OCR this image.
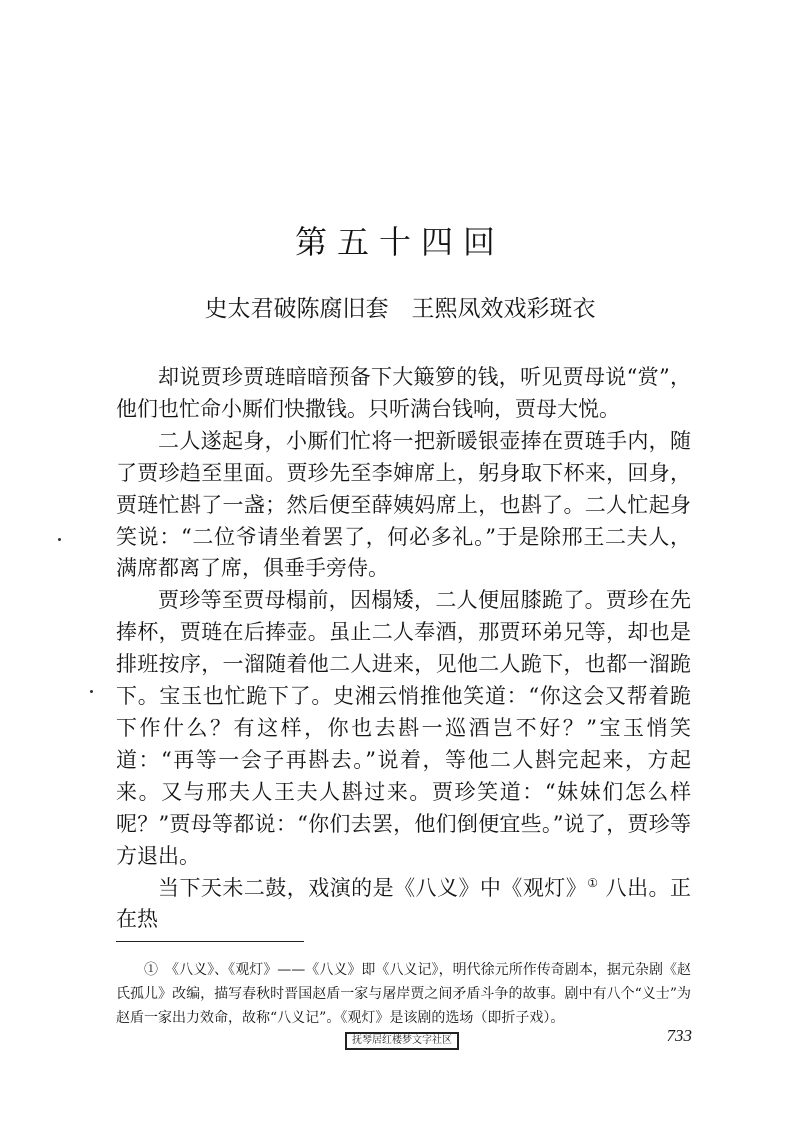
第五十四回
史太君破陈腐旧套　王熙凤效戏彩斑衣

却说贾珍贾琏暗暗预备下大簸箩的钱，听见贾母说“赏”，他们也忙命小厮们快撒钱。只听满台钱响，贾母大悦。

二人遂起身，小厮们忙将一把新暖银壶捧在贾琏手内，随了贾珍趋至里面。贾珍先至李婶席上，躬身取下杯来，回身，贾琏忙斟了一盏；然后便至薛姨妈席上，也斟了。二人忙起身笑说：“二位爷请坐着罢了，何必多礼。”于是除邢王二夫人，满席都离了席，俱垂手旁侍。

贾珍等至贾母榻前，因榻矮，二人便屈膝跪了。贾珍在先捧杯，贾琏在后捧壶。虽止二人奉酒，那贾环弟兄等，却也是排班按序，一溜随着他二人进来，见他二人跪下，也都一溜跪下。宝玉也忙跪下了。史湘云悄推他笑道：“你这会又帮着跪下作什么？有这样，你也去斟一巡酒岂不好？”宝玉悄笑道：“再等一会子再斟去。”说着，等他二人斟完起来，方起来。又与邢夫人王夫人斟过来。贾珍笑道：“妹妹们怎么样呢？”贾母等都说：“你们去罢，他们倒便宜些。”说了，贾珍等方退出。

当下天未二鼓，戏演的是《八义》中《观灯》① 八出。正在热

①　《八义》、《观灯》——《八义》即《八义记》，明代徐元所作传奇剧本，据元杂剧《赵氏孤儿》改编，描写春秋时晋国赵盾一家与屠岸贾之间矛盾斗争的故事。剧中有八个“义士”为赵盾一家出力效命，故称“八义记”。《观灯》是该剧的选场（即折子戏）。

抚琴居红楼梦文字社区	733
